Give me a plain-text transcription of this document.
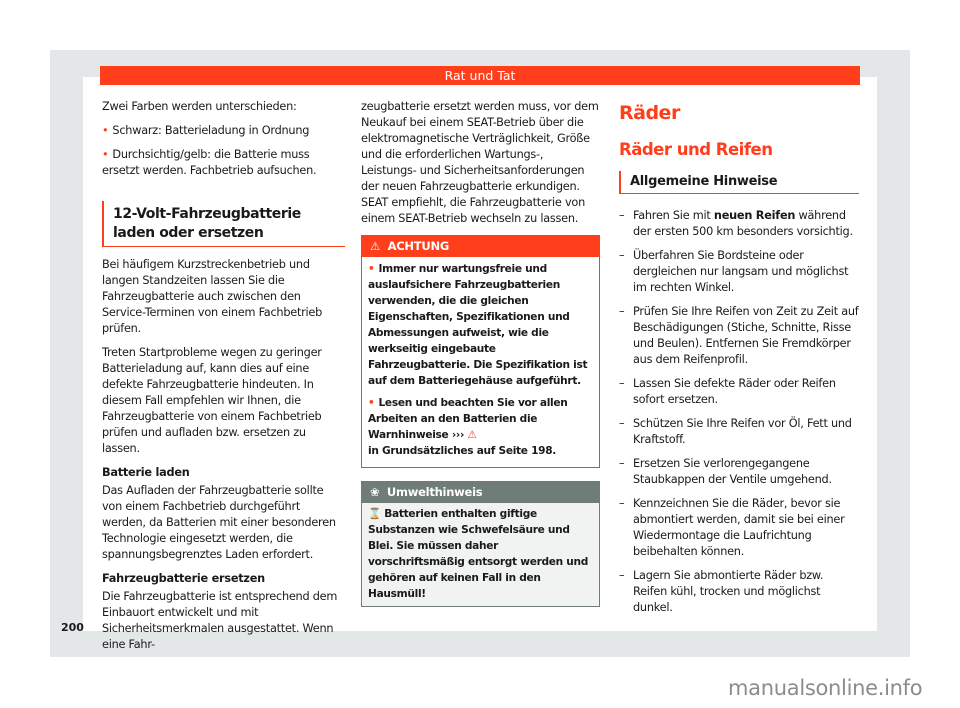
Rat und Tat

Zwei Farben werden unterschieden:

• Schwarz: Batterieladung in Ordnung

• Durchsichtig/gelb: die Batterie muss ersetzt werden. Fachbetrieb aufsuchen.

12-Volt-Fahrzeugbatterie laden oder ersetzen

Bei häufigem Kurzstreckenbetrieb und langen Standzeiten lassen Sie die Fahrzeugbatterie auch zwischen den Service-Terminen von einem Fachbetrieb prüfen.

Treten Startprobleme wegen zu geringer Batterieladung auf, kann dies auf eine defekte Fahrzeugbatterie hindeuten. In diesem Fall empfehlen wir Ihnen, die Fahrzeugbatterie von einem Fachbetrieb prüfen und aufladen bzw. ersetzen zu lassen.

Batterie laden

Das Aufladen der Fahrzeugbatterie sollte von einem Fachbetrieb durchgeführt werden, da Batterien mit einer besonderen Technologie eingesetzt werden, die spannungsbegrenztes Laden erfordert.

Fahrzeugbatterie ersetzen

Die Fahrzeugbatterie ist entsprechend dem Einbauort entwickelt und mit Sicherheitsmerkmalen ausgestattet. Wenn eine Fahr-

zeugbatterie ersetzt werden muss, vor dem Neukauf bei einem SEAT-Betrieb über die elektromagnetische Verträglichkeit, Größe und die erforderlichen Wartungs-, Leistungs- und Sicherheitsanforderungen der neuen Fahrzeugbatterie erkundigen. SEAT empfiehlt, die Fahrzeugbatterie von einem SEAT-Betrieb wechseln zu lassen.

⚠ ACHTUNG

• Immer nur wartungsfreie und auslaufsichere Fahrzeugbatterien verwenden, die die gleichen Eigenschaften, Spezifikationen und Abmessungen aufweist, wie die werkseitig eingebaute Fahrzeugbatterie. Die Spezifikation ist auf dem Batteriegehäuse aufgeführt.

• Lesen und beachten Sie vor allen Arbeiten an den Batterien die Warnhinweise ››› ⚠
in Grundsätzliches auf Seite 198.

❀ Umwelthinweis
⌛ Batterien enthalten giftige Substanzen wie Schwefelsäure und Blei. Sie müssen daher vorschriftsmäßig entsorgt werden und gehören auf keinen Fall in den Hausmüll!
Räder
Räder und Reifen
Allgemeine Hinweise
– Fahren Sie mit neuen Reifen während der ersten 500 km besonders vorsichtig.
– Überfahren Sie Bordsteine oder dergleichen nur langsam und möglichst im rechten Winkel.
– Prüfen Sie Ihre Reifen von Zeit zu Zeit auf Beschädigungen (Stiche, Schnitte, Risse und Beulen). Entfernen Sie Fremdkörper aus dem Reifenprofil.
– Lassen Sie defekte Räder oder Reifen sofort ersetzen.
– Schützen Sie Ihre Reifen vor Öl, Fett und Kraftstoff.
– Ersetzen Sie verlorengegangene Staubkappen der Ventile umgehend.
– Kennzeichnen Sie die Räder, bevor sie abmontiert werden, damit sie bei einer Wiedermontage die Laufrichtung beibehalten können.
– Lagern Sie abmontierte Räder bzw. Reifen kühl, trocken und möglichst dunkel.
200
manualsonline.info
